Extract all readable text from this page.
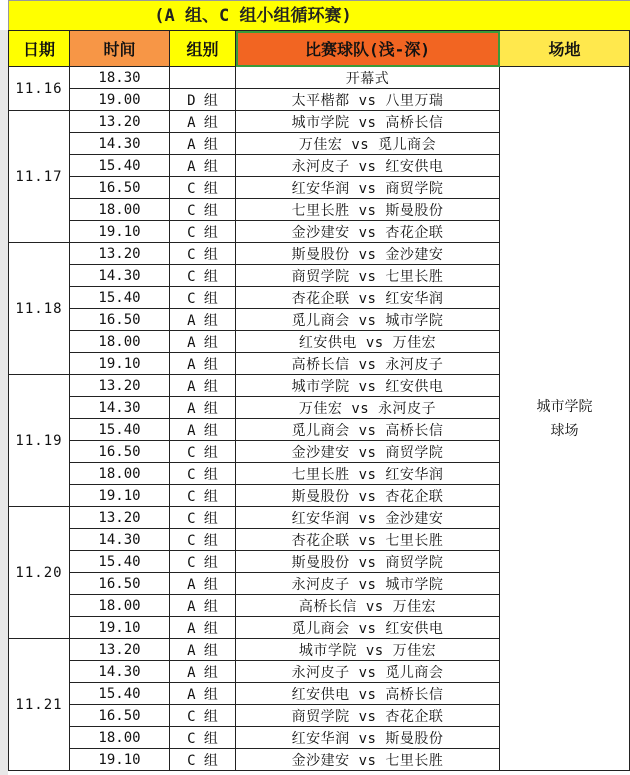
(A 组、C 组小组循环赛)
日期	时间	组别	比赛球队(浅-深)	场地
11.16	18.30		开幕式	城市学院
球场

	19.00	D 组	太平楷都 vs 八里万瑞	
11.17	13.20	A 组	城市学院 vs 高桥长信	
	14.30	A 组	万佳宏 vs 觅儿商会	
	15.40	A 组	永河皮子 vs 红安供电	
	16.50	C 组	红安华润 vs 商贸学院	
	18.00	C 组	七里长胜 vs 斯曼股份	
	19.10	C 组	金沙建安 vs 杏花企联	
11.18	13.20	C 组	斯曼股份 vs 金沙建安	
	14.30	C 组	商贸学院 vs 七里长胜	
	15.40	C 组	杏花企联 vs 红安华润	
	16.50	A 组	觅儿商会 vs 城市学院	
	18.00	A 组	红安供电 vs 万佳宏	
	19.10	A 组	高桥长信 vs 永河皮子	
11.19	13.20	A 组	城市学院 vs 红安供电	
	14.30	A 组	万佳宏 vs 永河皮子	
	15.40	A 组	觅儿商会 vs 高桥长信	
	16.50	C 组	金沙建安 vs 商贸学院	
	18.00	C 组	七里长胜 vs 红安华润	
	19.10	C 组	斯曼股份 vs 杏花企联	
11.20	13.20	C 组	红安华润 vs 金沙建安	
	14.30	C 组	杏花企联 vs 七里长胜	
	15.40	C 组	斯曼股份 vs 商贸学院	
	16.50	A 组	永河皮子 vs 城市学院	
	18.00	A 组	高桥长信 vs 万佳宏	
	19.10	A 组	觅儿商会 vs 红安供电	
11.21	13.20	A 组	城市学院 vs 万佳宏	
	14.30	A 组	永河皮子 vs 觅儿商会	
	15.40	A 组	红安供电 vs 高桥长信	
	16.50	C 组	商贸学院 vs 杏花企联	
	18.00	C 组	红安华润 vs 斯曼股份	
	19.10	C 组	金沙建安 vs 七里长胜	
